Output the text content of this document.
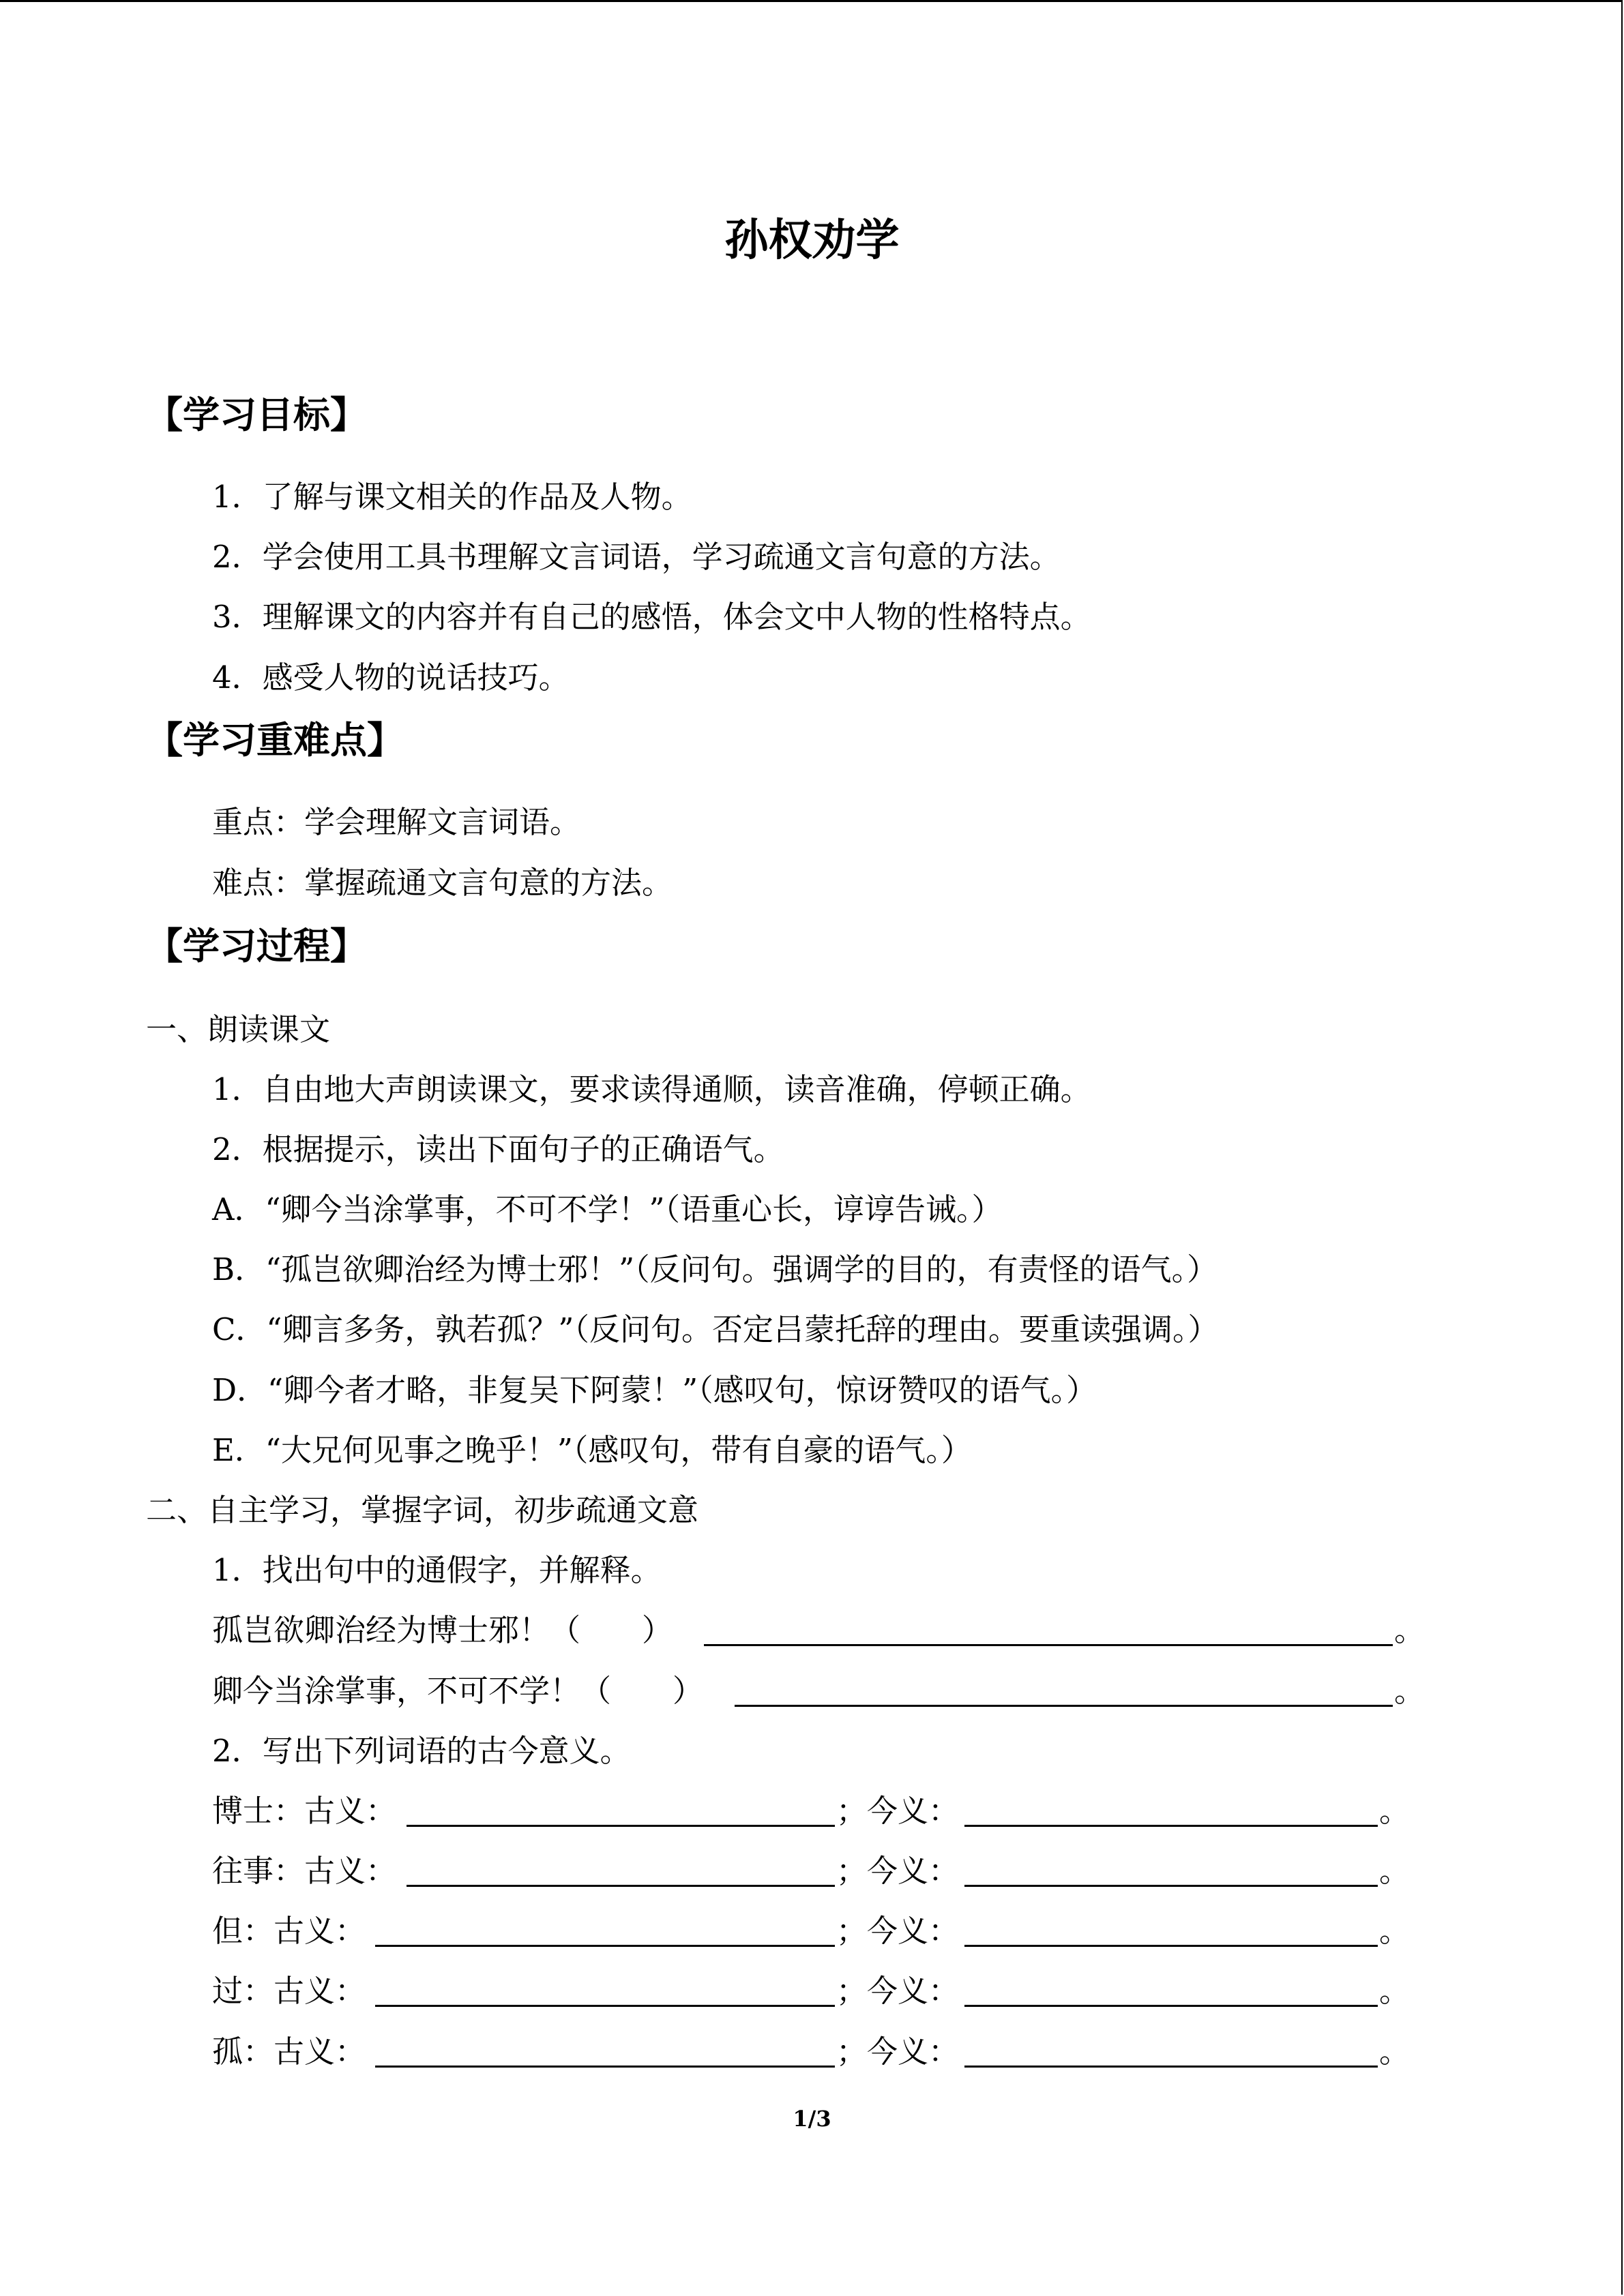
孙权劝学
【学习目标】
1．了解与课文相关的作品及人物。
2．学会使用工具书理解文言词语，学习疏通文言句意的方法。
3．理解课文的内容并有自己的感悟，体会文中人物的性格特点。
4．感受人物的说话技巧。
【学习重难点】
重点：学会理解文言词语。
难点：掌握疏通文言句意的方法。
【学习过程】
一、朗读课文
1．自由地大声朗读课文，要求读得通顺，读音准确，停顿正确。
2．根据提示，读出下面句子的正确语气。
A．“卿今当涂掌事，不可不学！”（语重心长，谆谆告诫。）
B．“孤岂欲卿治经为博士邪！”（反问句。强调学的目的，有责怪的语气。）
C．“卿言多务，孰若孤？”（反问句。否定吕蒙托辞的理由。要重读强调。）
D．“卿今者才略，非复吴下阿蒙！”（感叹句，惊讶赞叹的语气。）
E．“大兄何见事之晚乎！”（感叹句，带有自豪的语气。）
二、自主学习，掌握字词，初步疏通文意
1．找出句中的通假字，并解释。
孤岂欲卿治经为博士邪！（　　）	。
卿今当涂掌事，不可不学！（　　）	。
2．写出下列词语的古今意义。
博士：古义：	；今义：	。
往事：古义：	；今义：	。
但：古义：	；今义：	。
过：古义：	；今义：	。
孤：古义：	；今义：	。
1/3
